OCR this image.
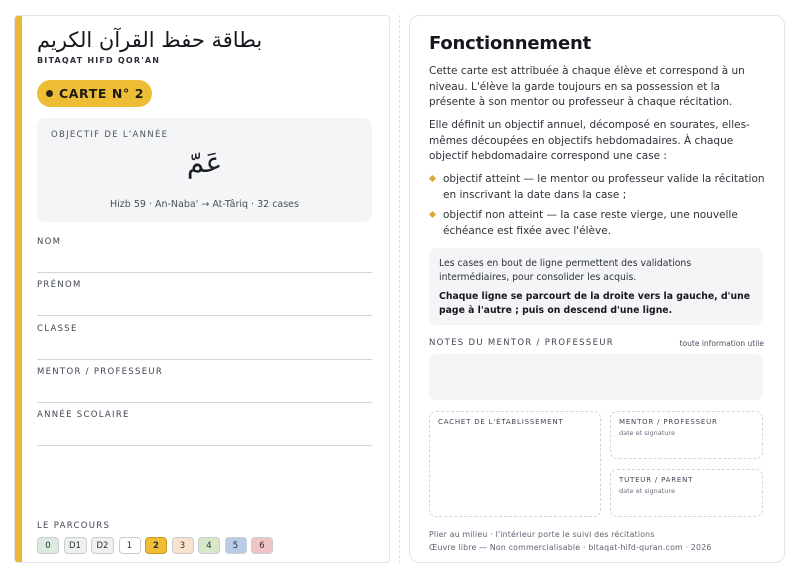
بطاقة حفظ القرآن الكريم
BITAQAT HIFD QOR'AN
CARTE N° 2
OBJECTIF DE L'ANNÉE
عَمّ
Hizb 59 · An-Naba' → At-Târiq · 32 cases
NOM
PRÉNOM
CLASSE
MENTOR / PROFESSEUR
ANNÉE SCOLAIRE
LE PARCOURS
0	D1	D2	1	2	3	4	5	6
Fonctionnement
Cette carte est attribuée à chaque élève et correspond à un niveau. L'élève la garde toujours en sa possession et la présente à son mentor ou professeur à chaque récitation.
Elle définit un objectif annuel, décomposé en sourates, elles-mêmes découpées en objectifs hebdomadaires. À chaque objectif hebdomadaire correspond une case :
objectif atteint — le mentor ou professeur valide la récitation en inscrivant la date dans la case ;
objectif non atteint — la case reste vierge, une nouvelle échéance est fixée avec l'élève.
Les cases en bout de ligne permettent des validations intermédiaires, pour consolider les acquis.
Chaque ligne se parcourt de la droite vers la gauche, d'une page à l'autre ; puis on descend d'une ligne.
NOTES DU MENTOR / PROFESSEUR	toute information utile
CACHET DE L'ÉTABLISSEMENT	MENTOR / PROFESSEUR
date et signature
TUTEUR / PARENT
date et signature
Plier au milieu · l'intérieur porte le suivi des récitations
Œuvre libre — Non commercialisable · bitaqat-hifd-quran.com · 2026
